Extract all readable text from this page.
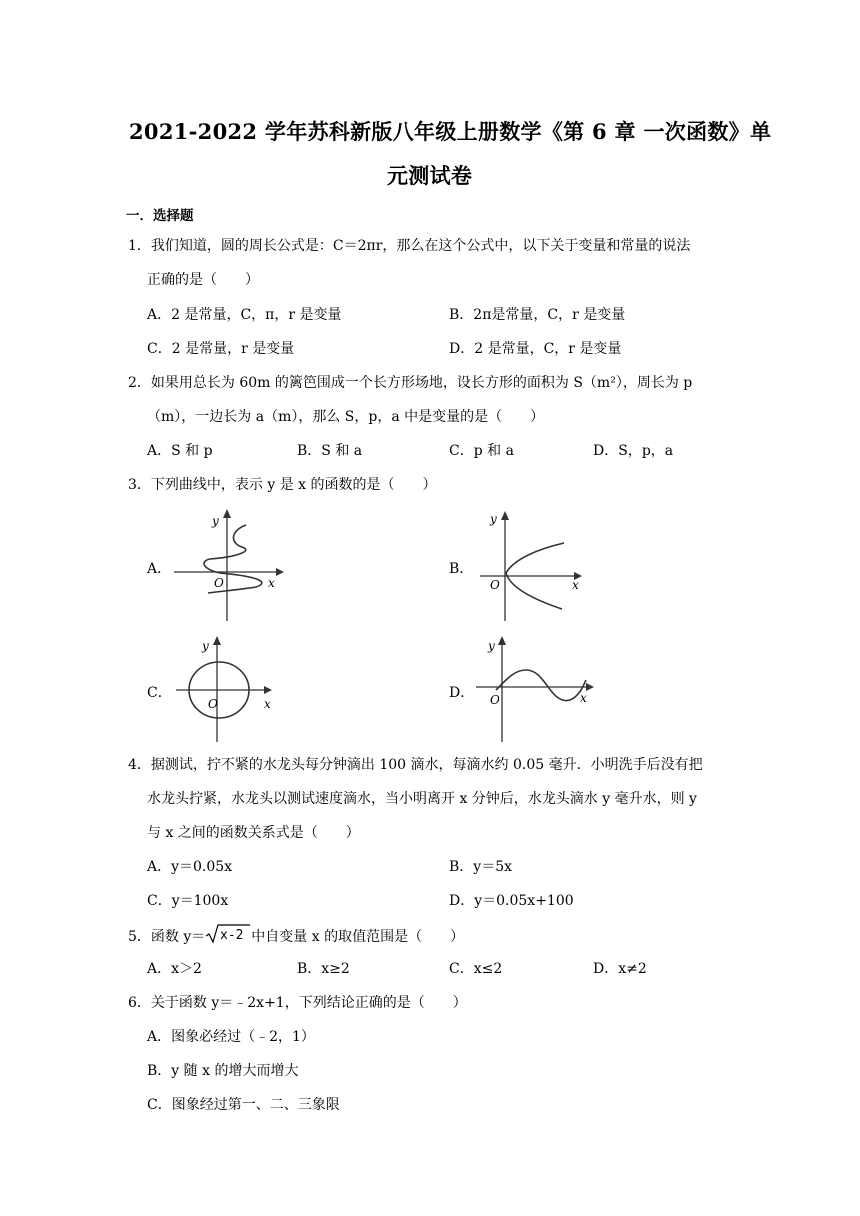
2021-2022 学年苏科新版八年级上册数学《第 6 章 一次函数》单
元测试卷
一．选择题
1．我们知道，圆的周长公式是：C＝2πr，那么在这个公式中，以下关于变量和常量的说法
正确的是（　　）
A．2 是常量，C，π，r 是变量	B．2π是常量，C，r 是变量
C．2 是常量，r 是变量	D．2 是常量，C，r 是变量
2．如果用总长为 60m 的篱笆围成一个长方形场地，设长方形的面积为 S（m²），周长为 p
（m），一边长为 a（m），那么 S，p，a 中是变量的是（　　）
A．S 和 p	B．S 和 a	C．p 和 a	D．S，p，a
3．下列曲线中，表示 y 是 x 的函数的是（　　）
A．
y
O	x
B．
y
O	x
C．
y
O	x
D．
y
O	x
4．据测试，拧不紧的水龙头每分钟滴出 100 滴水，每滴水约 0.05 毫升．小明洗手后没有把
水龙头拧紧，水龙头以测试速度滴水，当小明离开 x 分钟后，水龙头滴水 y 毫升水，则 y
与 x 之间的函数关系式是（　　）
A．y＝0.05x	B．y＝5x
C．y＝100x	D．y＝0.05x+100
5．函数 y＝ x-2 中自变量 x 的取值范围是（　　）
A．x＞2	B．x≥2	C．x≤2	D．x≠2
6．关于函数 y＝﹣2x+1，下列结论正确的是（　　）
A．图象必经过（﹣2，1）
B．y 随 x 的增大而增大
C．图象经过第一、二、三象限
